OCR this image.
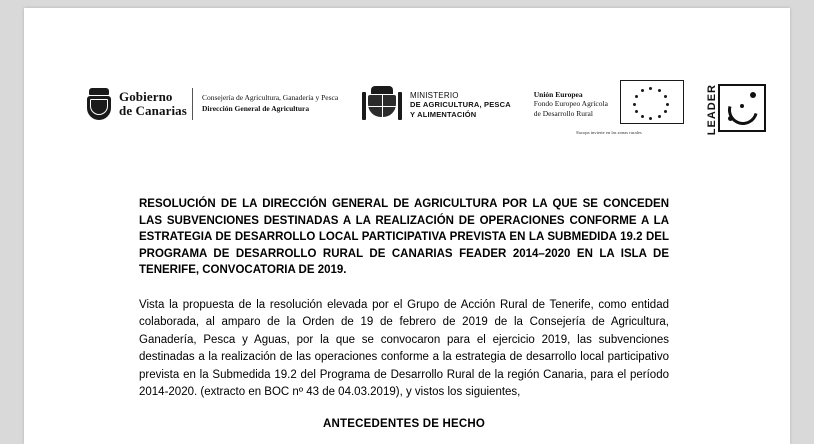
Gobierno
de Canarias
Consejería de Agricultura, Ganadería y Pesca
Dirección General de Agricultura
MINISTERIO
DE AGRICULTURA, PESCA
Y ALIMENTACIÓN
Unión Europea
Fondo Europeo Agrícola
de Desarrollo Rural

Europa invierte en las zonas rurales	LEADER
RESOLUCIÓN DE LA DIRECCIÓN GENERAL DE AGRICULTURA POR LA QUE SE CONCEDEN LAS SUBVENCIONES DESTINADAS A LA REALIZACIÓN DE OPERACIONES CONFORME A LA ESTRATEGIA DE DESARROLLO LOCAL PARTICIPATIVA PREVISTA EN LA SUBMEDIDA 19.2 DEL PROGRAMA DE DESARROLLO RURAL DE CANARIAS FEADER 2014–2020 EN LA ISLA DE TENERIFE, CONVOCATORIA DE 2019.
Vista la propuesta de la resolución elevada por el Grupo de Acción Rural de Tenerife, como entidad colaborada, al amparo de la Orden de 19 de febrero de 2019 de la Consejería de Agricultura, Ganadería, Pesca y Aguas, por la que se convocaron para el ejercicio 2019, las subvenciones destinadas a la realización de las operaciones conforme a la estrategia de desarrollo local participativo prevista en la Submedida 19.2 del Programa de Desarrollo Rural de la región Canaria, para el período 2014-2020. (extracto en BOC nº 43 de 04.03.2019), y vistos los siguientes,
ANTECEDENTES DE HECHO
